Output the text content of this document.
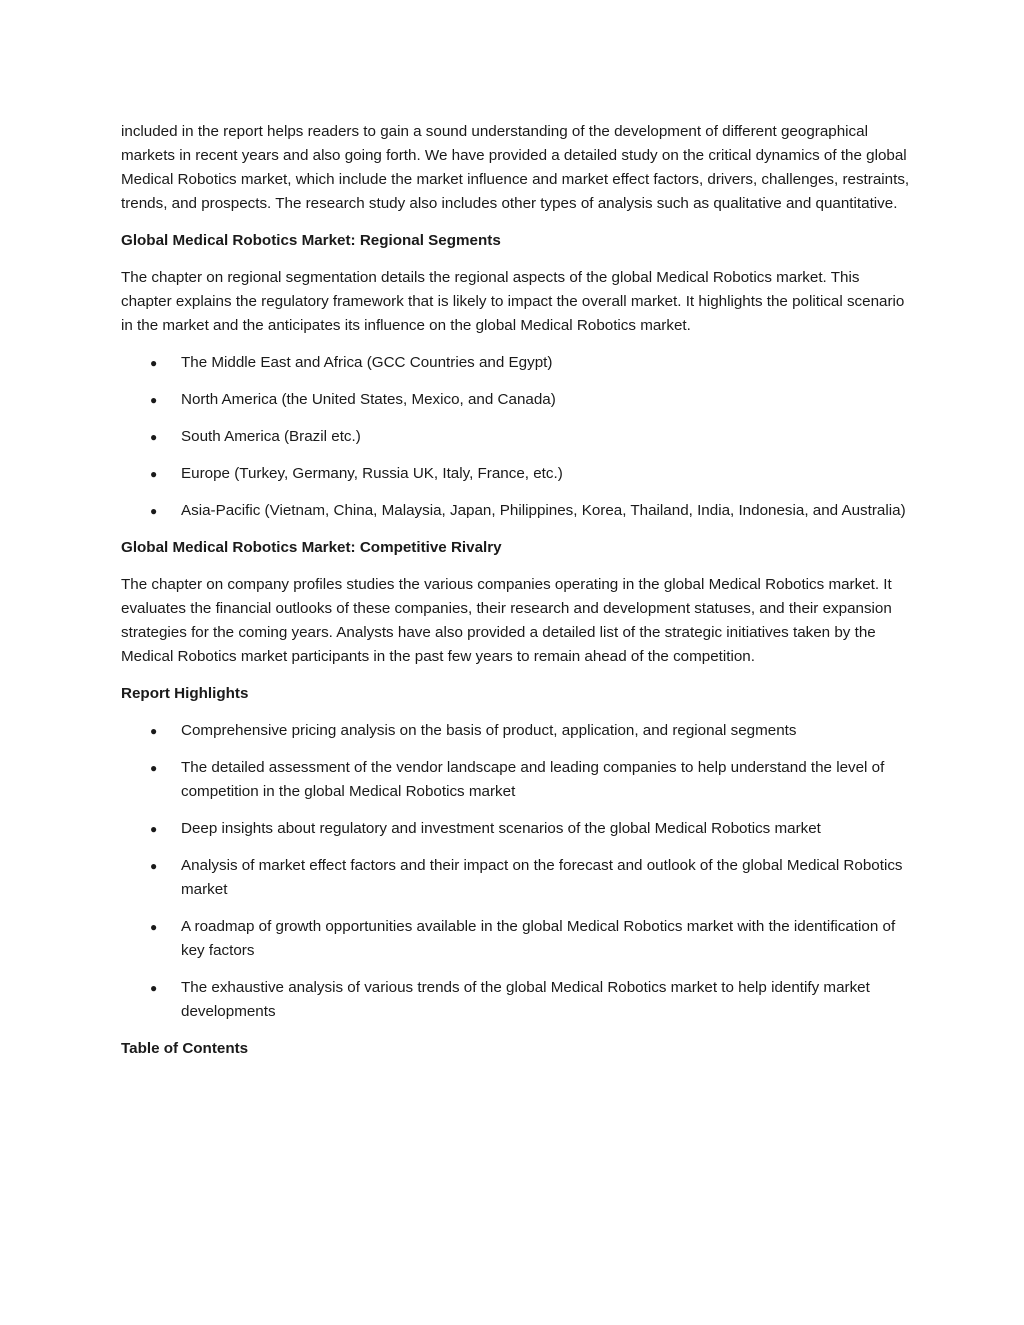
included in the report helps readers to gain a sound understanding of the development of different geographical markets in recent years and also going forth. We have provided a detailed study on the critical dynamics of the global Medical Robotics market, which include the market influence and market effect factors, drivers, challenges, restraints, trends, and prospects. The research study also includes other types of analysis such as qualitative and quantitative.

Global Medical Robotics Market: Regional Segments

The chapter on regional segmentation details the regional aspects of the global Medical Robotics market. This chapter explains the regulatory framework that is likely to impact the overall market. It highlights the political scenario in the market and the anticipates its influence on the global Medical Robotics market.

● The Middle East and Africa (GCC Countries and Egypt)
● North America (the United States, Mexico, and Canada)
● South America (Brazil etc.)
● Europe (Turkey, Germany, Russia UK, Italy, France, etc.)
● Asia-Pacific (Vietnam, China, Malaysia, Japan, Philippines, Korea, Thailand, India, Indonesia, and Australia)
Global Medical Robotics Market: Competitive Rivalry

The chapter on company profiles studies the various companies operating in the global Medical Robotics market. It evaluates the financial outlooks of these companies, their research and development statuses, and their expansion strategies for the coming years. Analysts have also provided a detailed list of the strategic initiatives taken by the Medical Robotics market participants in the past few years to remain ahead of the competition.

Report Highlights
● Comprehensive pricing analysis on the basis of product, application, and regional segments
● The detailed assessment of the vendor landscape and leading companies to help understand the level of competition in the global Medical Robotics market
● Deep insights about regulatory and investment scenarios of the global Medical Robotics market
● Analysis of market effect factors and their impact on the forecast and outlook of the global Medical Robotics market
● A roadmap of growth opportunities available in the global Medical Robotics market with the identification of key factors
● The exhaustive analysis of various trends of the global Medical Robotics market to help identify market developments
Table of Contents
